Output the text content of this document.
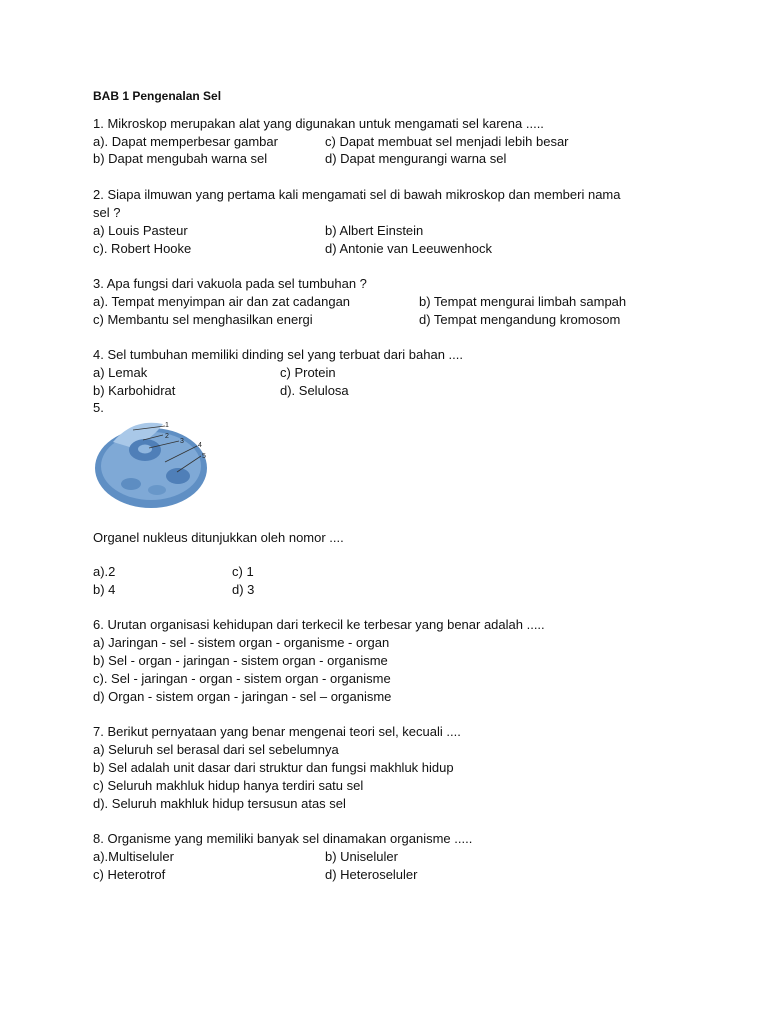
BAB 1 Pengenalan Sel
1. Mikroskop merupakan alat yang digunakan untuk mengamati sel karena .....
a). Dapat memperbesar gambar	c) Dapat membuat sel menjadi lebih besar
b) Dapat mengubah warna sel	d) Dapat mengurangi warna sel
2. Siapa ilmuwan yang pertama kali mengamati sel di bawah mikroskop dan memberi nama
sel ?
a) Louis Pasteur	b) Albert Einstein
c). Robert Hooke	d) Antonie van Leeuwenhock
3. Apa fungsi dari vakuola pada sel tumbuhan ?
a). Tempat menyimpan air dan zat cadangan	b) Tempat mengurai limbah sampah
c) Membantu sel menghasilkan energi	d) Tempat mengandung kromosom
4. Sel tumbuhan memiliki dinding sel yang terbuat dari bahan ....
a) Lemak	c) Protein
b) Karbohidrat	d). Selulosa
5.
1
2
3
4
5
Organel nukleus ditunjukkan oleh nomor ....
a).2	c) 1
b) 4	d) 3
6. Urutan organisasi kehidupan dari terkecil ke terbesar yang benar adalah .....
a) Jaringan - sel - sistem organ - organisme - organ
b) Sel - organ - jaringan - sistem organ - organisme
c). Sel - jaringan - organ - sistem organ - organisme
d) Organ - sistem organ - jaringan - sel – organisme
7. Berikut pernyataan yang benar mengenai teori sel, kecuali ....
a) Seluruh sel berasal dari sel sebelumnya
b) Sel adalah unit dasar dari struktur dan fungsi makhluk hidup
c) Seluruh makhluk hidup hanya terdiri satu sel
d). Seluruh makhluk hidup tersusun atas sel
8. Organisme yang memiliki banyak sel dinamakan organisme .....
a).Multiseluler	b) Uniseluler
c) Heterotrof	d) Heteroseluler
